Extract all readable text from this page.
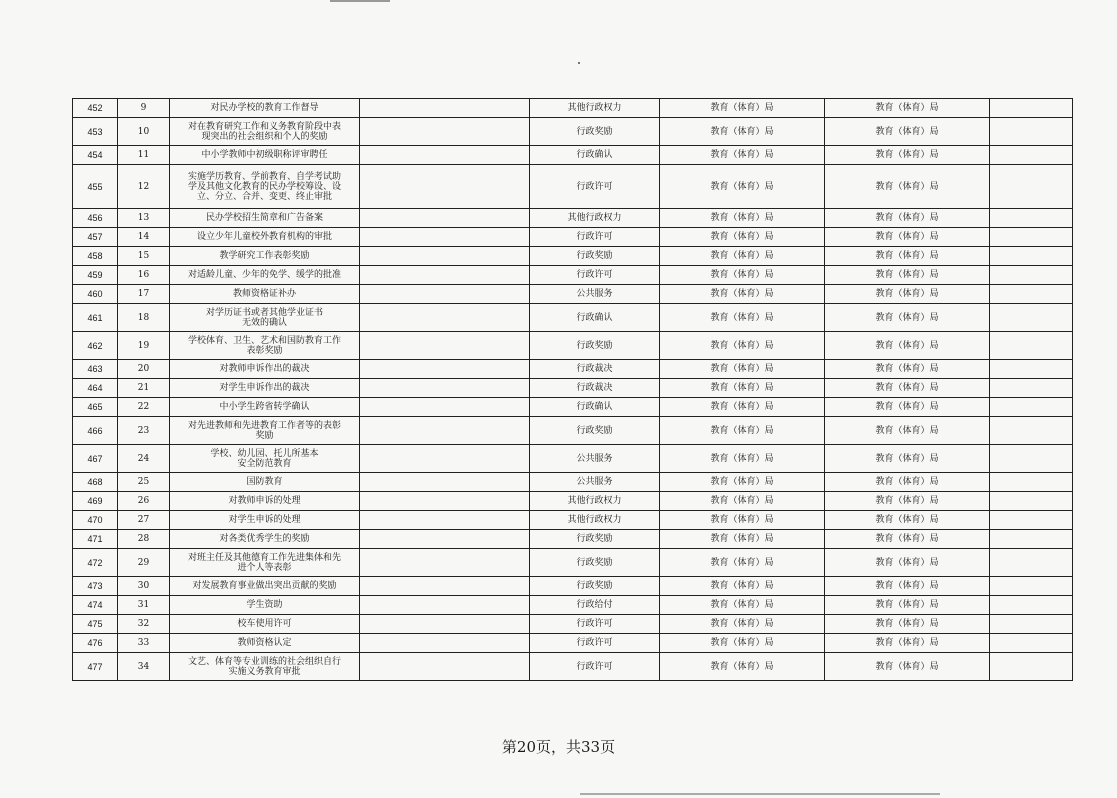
452	9	对民办学校的教育工作督导		其他行政权力	教育（体育）局	教育（体育）局	
453	10	对在教育研究工作和义务教育阶段中表
现突出的社会组织和个人的奖励		行政奖励	教育（体育）局	教育（体育）局	
454	11	中小学教师中初级职称评审聘任		行政确认	教育（体育）局	教育（体育）局	
455	12	实施学历教育、学前教育、自学考试助
学及其他文化教育的民办学校筹设、设
立、分立、合并、变更、终止审批		行政许可	教育（体育）局	教育（体育）局	
456	13	民办学校招生简章和广告备案		其他行政权力	教育（体育）局	教育（体育）局	
457	14	设立少年儿童校外教育机构的审批		行政许可	教育（体育）局	教育（体育）局	
458	15	教学研究工作表彰奖励		行政奖励	教育（体育）局	教育（体育）局	
459	16	对适龄儿童、少年的免学、缓学的批准		行政许可	教育（体育）局	教育（体育）局	
460	17	教师资格证补办		公共服务	教育（体育）局	教育（体育）局	
461	18	对学历证书或者其他学业证书
无效的确认		行政确认	教育（体育）局	教育（体育）局	
462	19	学校体育、卫生、艺术和国防教育工作
表彰奖励		行政奖励	教育（体育）局	教育（体育）局	
463	20	对教师申诉作出的裁决		行政裁决	教育（体育）局	教育（体育）局	
464	21	对学生申诉作出的裁决		行政裁决	教育（体育）局	教育（体育）局	
465	22	中小学生跨省转学确认		行政确认	教育（体育）局	教育（体育）局	
466	23	对先进教师和先进教育工作者等的表彰
奖励		行政奖励	教育（体育）局	教育（体育）局	
467	24	学校、幼儿园、托儿所基本
安全防范教育		公共服务	教育（体育）局	教育（体育）局	
468	25	国防教育		公共服务	教育（体育）局	教育（体育）局	
469	26	对教师申诉的处理		其他行政权力	教育（体育）局	教育（体育）局	
470	27	对学生申诉的处理		其他行政权力	教育（体育）局	教育（体育）局	
471	28	对各类优秀学生的奖励		行政奖励	教育（体育）局	教育（体育）局	
472	29	对班主任及其他德育工作先进集体和先
进个人等表彰		行政奖励	教育（体育）局	教育（体育）局	
473	30	对发展教育事业做出突出贡献的奖励		行政奖励	教育（体育）局	教育（体育）局	
474	31	学生资助		行政给付	教育（体育）局	教育（体育）局	
475	32	校车使用许可		行政许可	教育（体育）局	教育（体育）局	
476	33	教师资格认定		行政许可	教育（体育）局	教育（体育）局	
477	34	文艺、体育等专业训练的社会组织自行
实施义务教育审批		行政许可	教育（体育）局	教育（体育）局	
第20页，共33页
